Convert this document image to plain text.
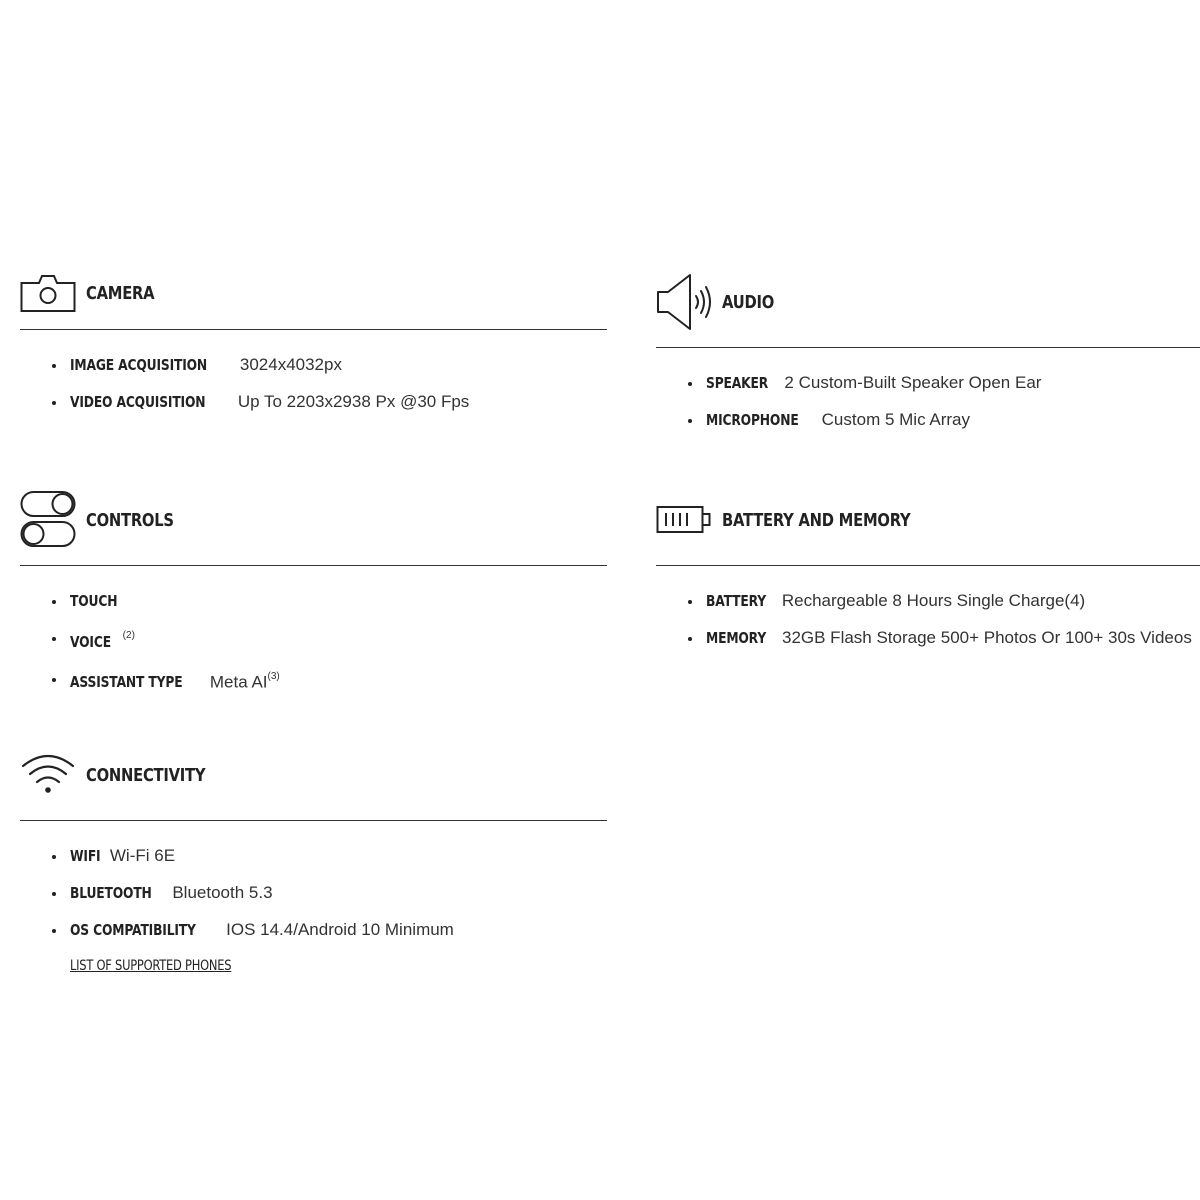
CAMERA
IMAGE ACQUISITION 3024x4032px
VIDEO ACQUISITION Up To 2203x2938 Px @30 Fps
CONTROLS
TOUCH
VOICE $^{(2)}$
ASSISTANT TYPE Meta AI$^{(3)}$
CONNECTIVITY
WIFI Wi-Fi 6E
BLUETOOTH Bluetooth 5.3
OS COMPATIBILITY IOS 14.4/Android 10 Minimum
LIST OF SUPPORTED PHONES
AUDIO
SPEAKER 2 Custom-Built Speaker Open Ear
MICROPHONE Custom 5 Mic Array
BATTERY AND MEMORY
BATTERY Rechargeable 8 Hours Single Charge(4)
MEMORY 32GB Flash Storage 500+ Photos Or 100+ 30s Videos
